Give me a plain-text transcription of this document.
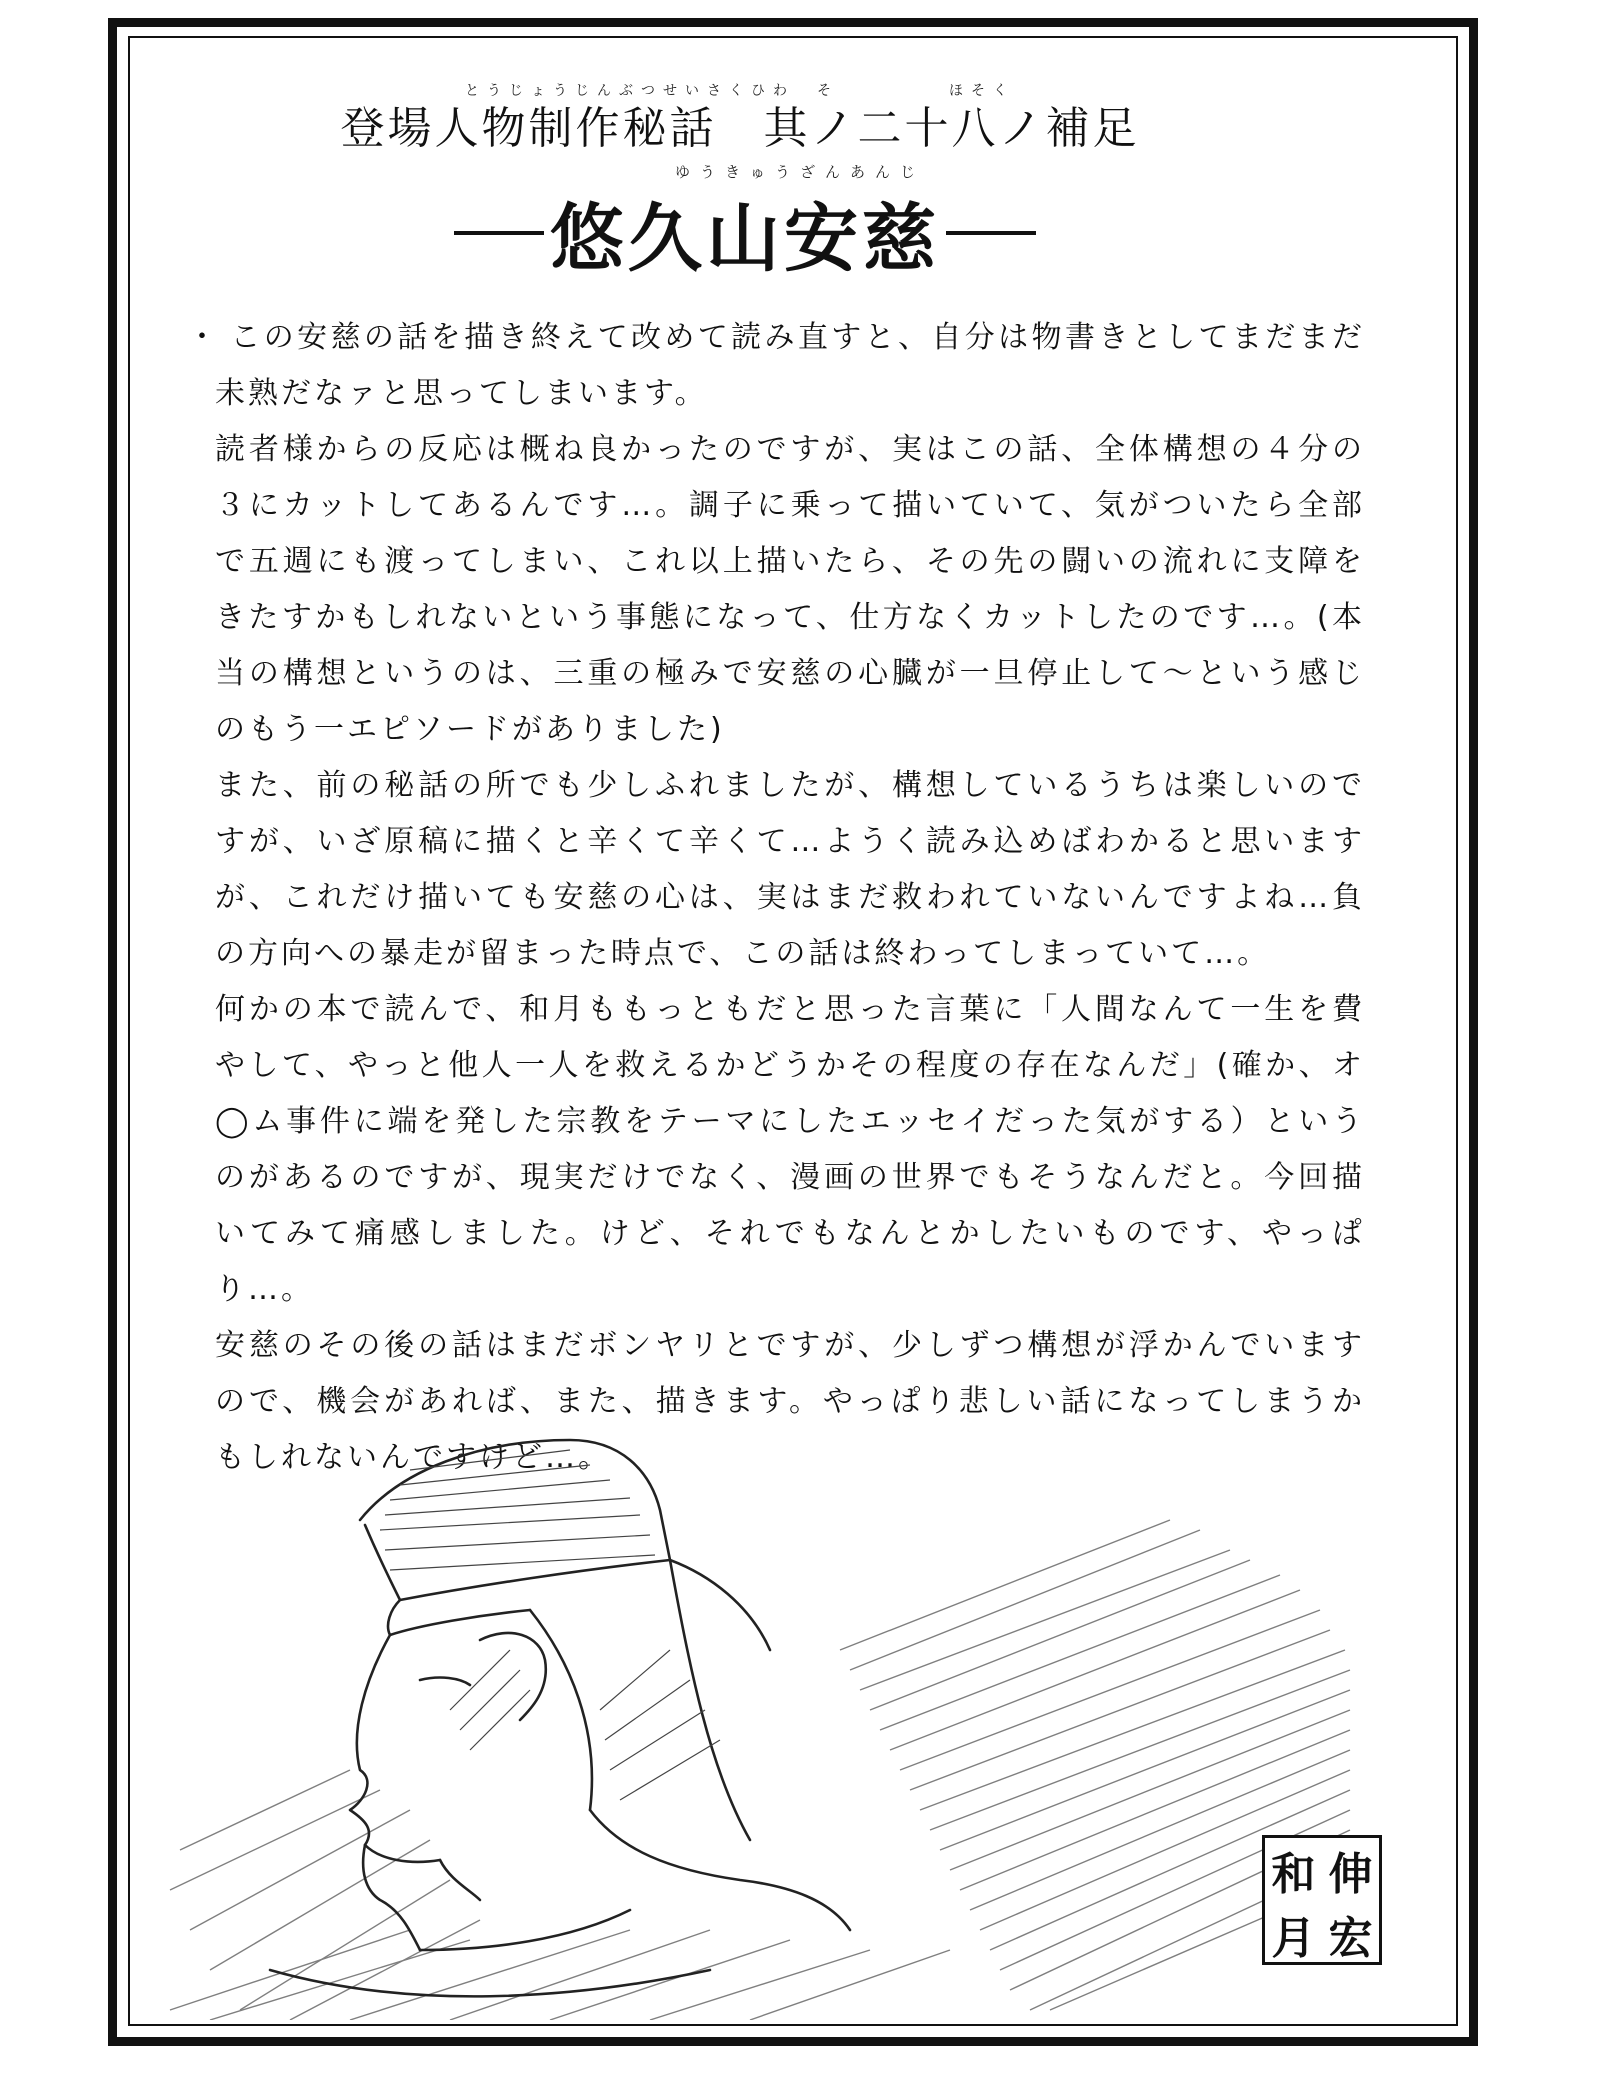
とうじょうじんぶつせいさくひわ　そ　　　　　ほそく
登場人物制作秘話　其ノ二十八ノ補足
ゆうきゅうざんあんじ
悠久山安慈

・ この安慈の話を描き終えて改めて読み直すと、自分は物書きとしてまだまだ未熟だなァと思ってしまいます。

読者様からの反応は概ね良かったのですが、実はこの話、全体構想の４分の３にカットしてあるんです…。調子に乗って描いていて、気がついたら全部で五週にも渡ってしまい、これ以上描いたら、その先の闘いの流れに支障をきたすかもしれないという事態になって、仕方なくカットしたのです…。(本当の構想というのは、三重の極みで安慈の心臓が一旦停止して〜という感じのもう一エピソードがありました)

また、前の秘話の所でも少しふれましたが、構想しているうちは楽しいのですが、いざ原稿に描くと辛くて辛くて…ようく読み込めばわかると思いますが、これだけ描いても安慈の心は、実はまだ救われていないんですよね…負の方向への暴走が留まった時点で、この話は終わってしまっていて…。

何かの本で読んで、和月ももっともだと思った言葉に「人間なんて一生を費やして、やっと他人一人を救えるかどうかその程度の存在なんだ」(確か、オ◯ム事件に端を発した宗教をテーマにしたエッセイだった気がする）というのがあるのですが、現実だけでなく、漫画の世界でもそうなんだと。今回描いてみて痛感しました。けど、それでもなんとかしたいものです、やっぱり…。

安慈のその後の話はまだボンヤリとですが、少しずつ構想が浮かんでいますので、機会があれば、また、描きます。やっぱり悲しい話になってしまうかもしれないんですけど…。

和 伸
月 宏
